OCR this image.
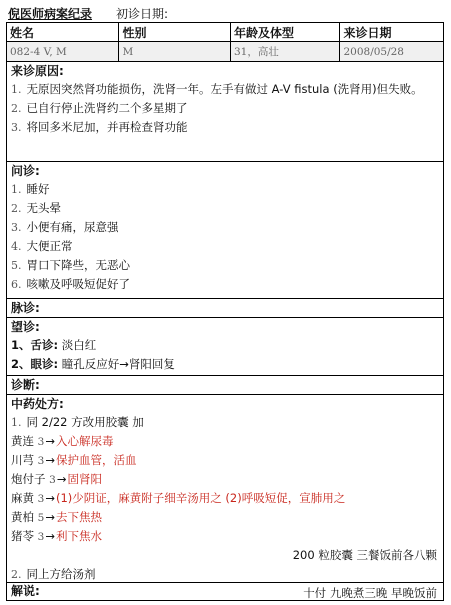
倪医师病案纪录 初诊日期:
姓名	性别	年龄及体型	来诊日期
082-4 V, M	M	31，高壮	2008/05/28
来诊原因:
1. 无原因突然肾功能损伤，洗肾一年。左手有做过 A-V fistula (洗肾用)但失败。
2. 已自行停止洗肾约二个多星期了
3. 将回多米尼加，并再检查肾功能
问诊:
1. 睡好
2. 无头晕
3. 小便有痛，尿意强
4. 大便正常
5. 胃口下降些，无恶心
6. 咳嗽及呼吸短促好了
脉诊:
望诊:
1、舌诊: 淡白红
2、眼诊: 瞳孔反应好→肾阳回复
诊断:
中药处方:
1. 同 2/22 方改用胶囊 加
黄连 3→入心解尿毒
川芎 3→保护血管，活血
炮付子 3→固肾阳
麻黄 3→(1)少阴证，麻黄附子细辛汤用之 (2)呼吸短促，宣肺用之
黄柏 5→去下焦热
猪苓 3→利下焦水
200 粒胶囊 三餐饭前各八颗
2. 同上方给汤剂
十付 九晚煮三晚 早晚饭前
解说:
